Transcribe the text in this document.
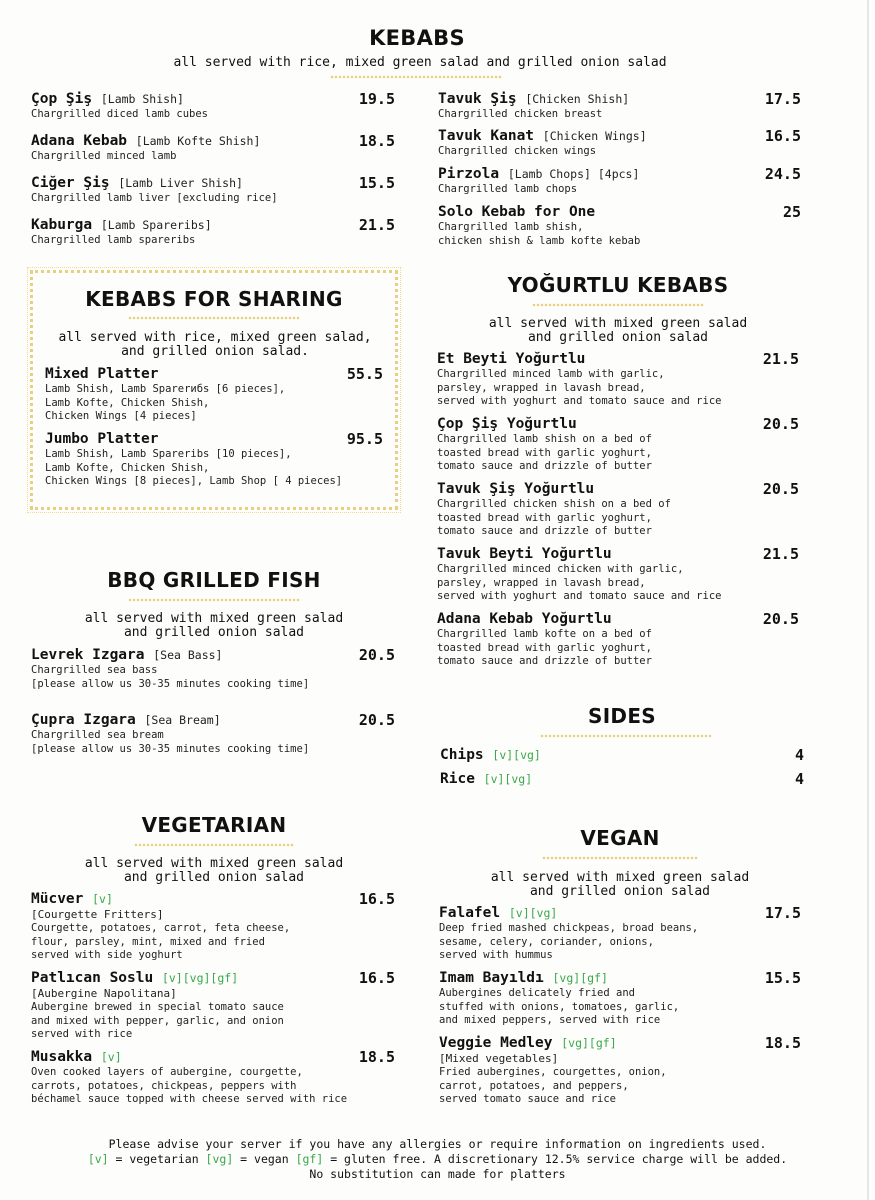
KEBABS
all served with rice, mixed green salad and grilled onion salad
Çop Şiş [Lamb Shish]
Chargrilled diced lamb cubes
19.5
Adana Kebab [Lamb Kofte Shish]
Chargrilled minced lamb
18.5
Ciğer Şiş [Lamb Liver Shish]
Chargrilled lamb liver [excluding rice]
15.5
Kaburga [Lamb Spareribs]
Chargrilled lamb spareribs
21.5
Tavuk Şiş [Chicken Shish]
Chargrilled chicken breast
17.5
Tavuk Kanat [Chicken Wings]
Chargrilled chicken wings
16.5
Pirzola [Lamb Chops] [4pcs]
Chargrilled lamb chops
24.5
Solo Kebab for One
Chargrilled lamb shish,
chicken shish & lamb kofte kebab
25
KEBABS FOR SHARING
all served with rice, mixed green salad,
and grilled onion salad.
Mixed Platter
Lamb Shish, Lamb Sparerибs [6 pieces],
Lamb Kofte, Chicken Shish,
Chicken Wings [4 pieces]
55.5
Jumbo Platter
Lamb Shish, Lamb Spareribs [10 pieces],
Lamb Kofte, Chicken Shish,
Chicken Wings [8 pieces], Lamb Shop [ 4 pieces]
95.5
YOĞURTLU KEBABS
all served with mixed green salad
and grilled onion salad
Et Beyti Yoğurtlu
Chargrilled minced lamb with garlic,
parsley, wrapped in lavash bread,
served with yoghurt and tomato sauce and rice
21.5
Çop Şiş Yoğurtlu
Chargrilled lamb shish on a bed of
toasted bread with garlic yoghurt,
tomato sauce and drizzle of butter
20.5
Tavuk Şiş Yoğurtlu
Chargrilled chicken shish on a bed of
toasted bread with garlic yoghurt,
tomato sauce and drizzle of butter
20.5
Tavuk Beyti Yoğurtlu
Chargrilled minced chicken with garlic,
parsley, wrapped in lavash bread,
served with yoghurt and tomato sauce and rice
21.5
Adana Kebab Yoğurtlu
Chargrilled lamb kofte on a bed of
toasted bread with garlic yoghurt,
tomato sauce and drizzle of butter
20.5
BBQ GRILLED FISH
all served with mixed green salad
and grilled onion salad
Levrek Izgara [Sea Bass]
Chargrilled sea bass
[please allow us 30-35 minutes cooking time]
20.5
Çupra Izgara [Sea Bream]
Chargrilled sea bream
[please allow us 30-35 minutes cooking time]
20.5	SIDES
Chips [v][vg]	4
Rice [v][vg]	4
VEGETARIAN
all served with mixed green salad
and grilled onion salad
Mücver [v]
[Courgette Fritters]
Courgette, potatoes, carrot, feta cheese,
flour, parsley, mint, mixed and fried
served with side yoghurt
16.5
Patlıcan Soslu [v][vg][gf]
[Aubergine Napolitana]
Aubergine brewed in special tomato sauce
and mixed with pepper, garlic, and onion
served with rice
16.5
Musakka [v]
Oven cooked layers of aubergine, courgette,
carrots, potatoes, chickpeas, peppers with
béchamel sauce topped with cheese served with rice
18.5
VEGAN
all served with mixed green salad
and grilled onion salad
Falafel [v][vg]
Deep fried mashed chickpeas, broad beans,
sesame, celery, coriander, onions,
served with hummus
17.5
Imam Bayıldı [vg][gf]
Aubergines delicately fried and
stuffed with onions, tomatoes, garlic,
and mixed peppers, served with rice
15.5
Veggie Medley [vg][gf]
[Mixed vegetables]
Fried aubergines, courgettes, onion,
carrot, potatoes, and peppers,
served tomato sauce and rice
18.5
Please advise your server if you have any allergies or require information on ingredients used.
[v] = vegetarian [vg] = vegan [gf] = gluten free. A discretionary 12.5% service charge will be added.
No substitution can made for platters
